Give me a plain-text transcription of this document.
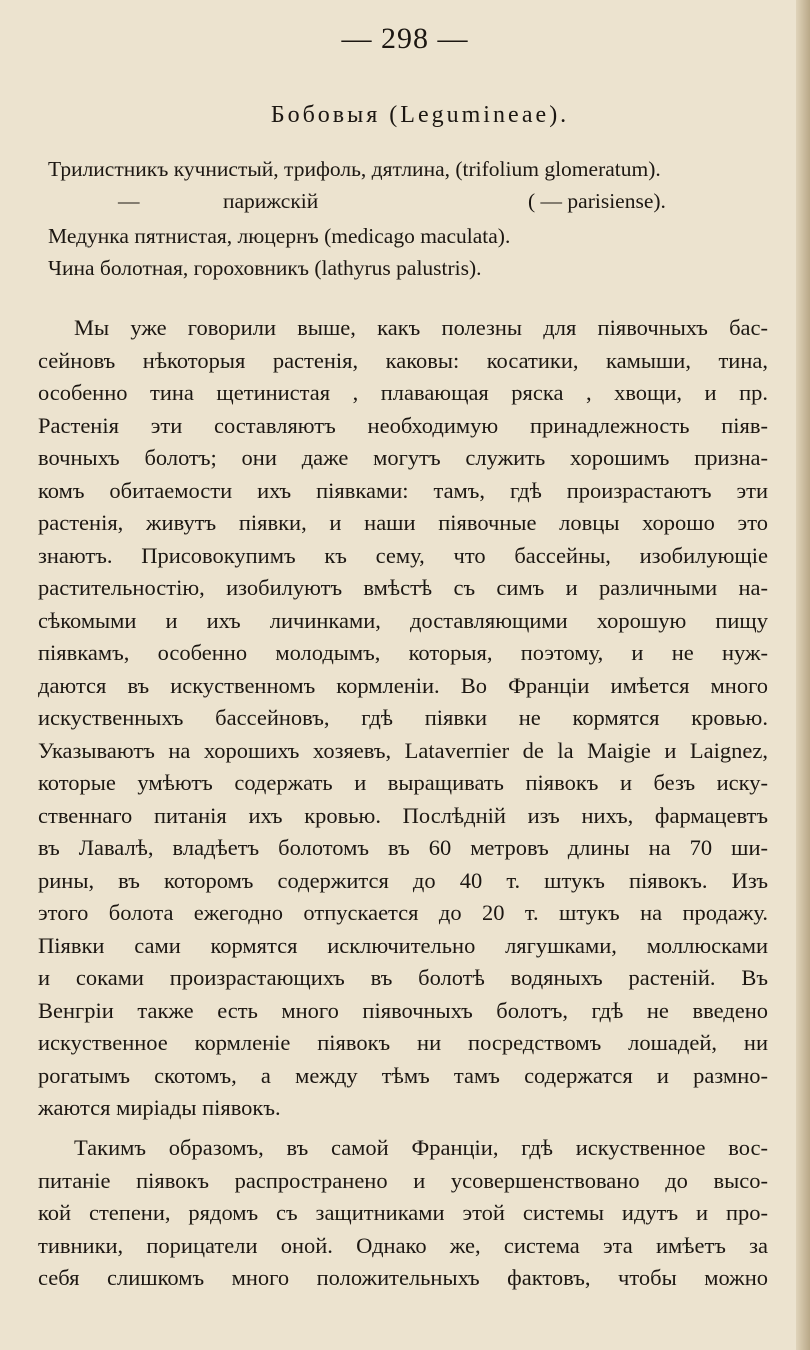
— 298 —
Бобовыя (Leguminеае).
Трилистникъ кучнистый, трифоль, дятлина, (trifolium glomeratum).
—	парижскій	( — parisiense).
Медунка пятнистая, люцернъ (medicago maculata).
Чина болотная, гороховникъ (lathyrus palustris).
Мы уже говорили выше, какъ полезны для піявочныхъ бас-
сейновъ нѣкоторыя растенія, каковы: косатики, камыши, тина,
особенно тина щетинистая , плавающая ряска , хвощи, и пр.
Растенія эти составляютъ необходимую принадлежность піяв-
вочныхъ болотъ; они даже могутъ служить хорошимъ призна-
комъ обитаемости ихъ піявками: тамъ, гдѣ произрастаютъ эти
растенія, живутъ піявки, и наши піявочные ловцы хорошо это
знаютъ. Присовокупимъ къ сему, что бассейны, изобилующіе
растительностію, изобилуютъ вмѣстѣ съ симъ и различными на-
сѣкомыми и ихъ личинками, доставляющими хорошую пищу
піявкамъ, особенно молодымъ, которыя, поэтому, и не нуж-
даются въ искуственномъ кормленіи. Во Франціи имѣется много
искуственныхъ бассейновъ, гдѣ піявки не кормятся кровью.
Указываютъ на хорошихъ хозяевъ, Lataverпier de la Maigie и Laignez,
которые умѣютъ содержать и выращивать піявокъ и безъ иску-
ственнаго питанія ихъ кровью. Послѣдній изъ нихъ, фармацевтъ
въ Лавалѣ, владѣетъ болотомъ въ 60 метровъ длины на 70 ши-
рины, въ которомъ содержится до 40 т. штукъ піявокъ. Изъ
этого болота ежегодно отпускается до 20 т. штукъ на продажу.
Піявки сами кормятся исключительно лягушками, моллюсками
и соками произрастающихъ въ болотѣ водяныхъ растеній. Въ
Венгріи также есть много піявочныхъ болотъ, гдѣ не введено
искуственное кормленіе піявокъ ни посредствомъ лошадей, ни
рогатымъ скотомъ, а между тѣмъ тамъ содержатся и размно-
жаются миріады піявокъ.
Такимъ образомъ, въ самой Франціи, гдѣ искуственное вос-
питаніе піявокъ распространено и усовершенствовано до высо-
кой степени, рядомъ съ защитниками этой системы идутъ и про-
тивники, порицатели оной. Однако же, система эта имѣетъ за
себя слишкомъ много положительныхъ фактовъ, чтобы можно
